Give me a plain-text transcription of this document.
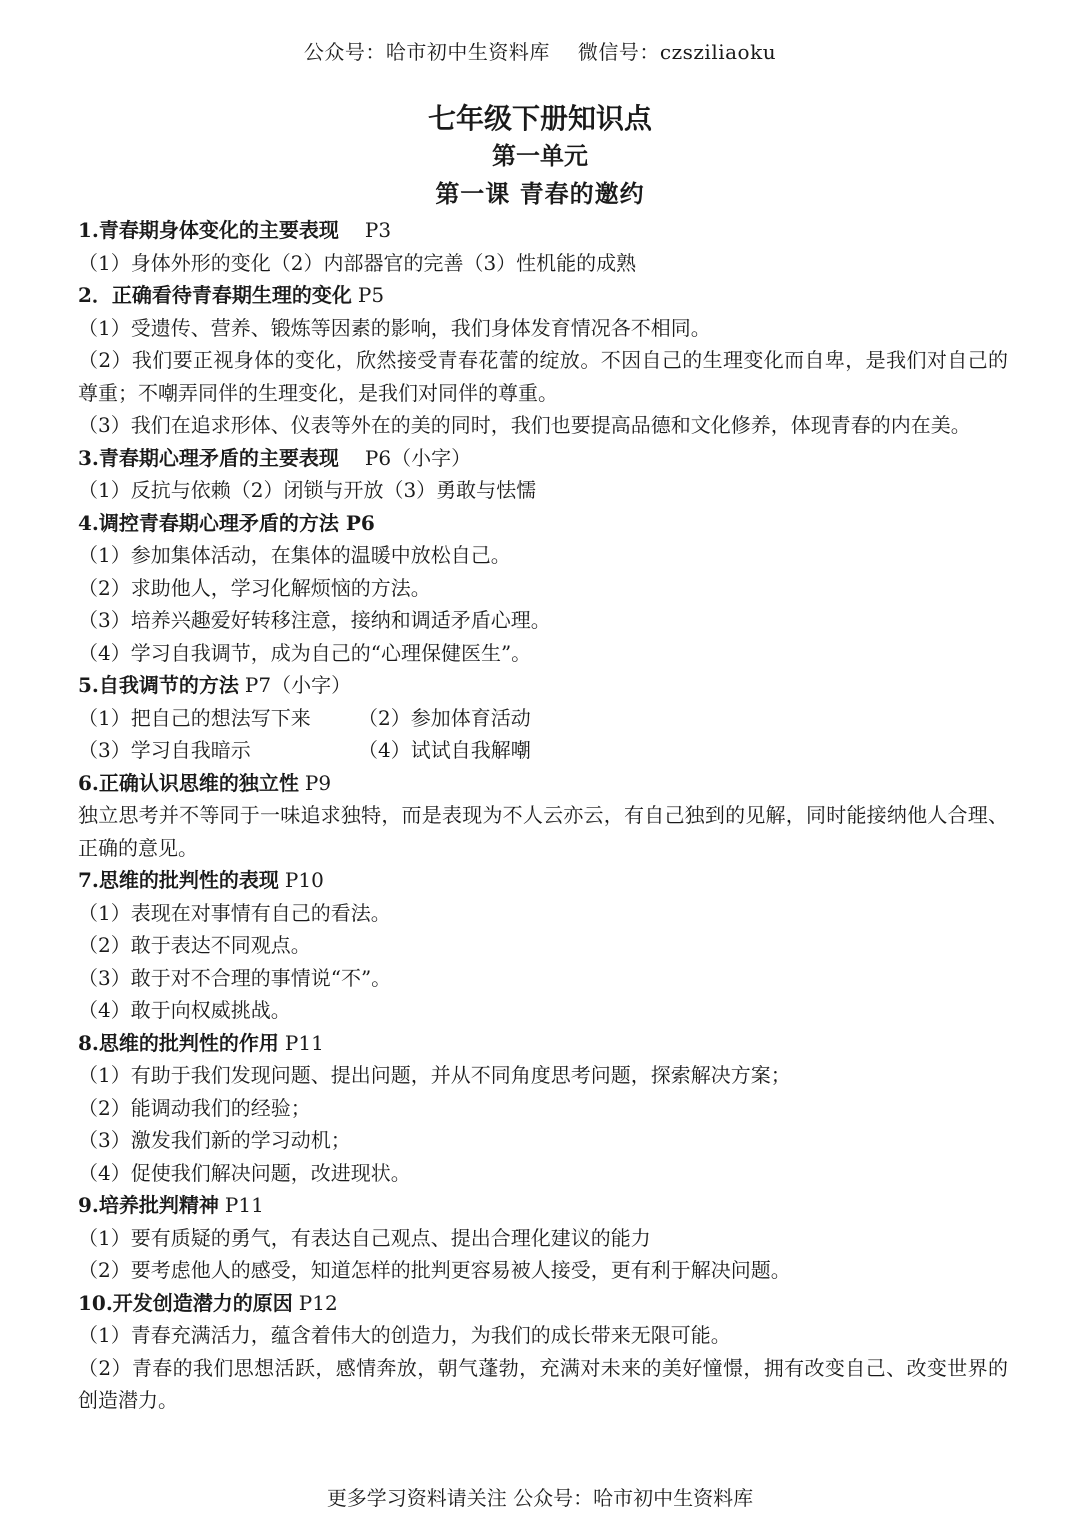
公众号：哈市初中生资料库 微信号：czsziliaoku
七年级下册知识点
第一单元
第一课 青春的邀约
1.青春期身体变化的主要表现 P3
（1）身体外形的变化（2）内部器官的完善（3）性机能的成熟
2．正确看待青春期生理的变化 P5
（1）受遗传、营养、锻炼等因素的影响，我们身体发育情况各不相同。
（2）我们要正视身体的变化，欣然接受青春花蕾的绽放。不因自己的生理变化而自卑，是我们对自己的尊重；不嘲弄同伴的生理变化，是我们对同伴的尊重。
（3）我们在追求形体、仪表等外在的美的同时，我们也要提高品德和文化修养，体现青春的内在美。
3.青春期心理矛盾的主要表现 P6（小字）
（1）反抗与依赖（2）闭锁与开放（3）勇敢与怯懦
4.调控青春期心理矛盾的方法 P6
（1）参加集体活动，在集体的温暖中放松自己。
（2）求助他人，学习化解烦恼的方法。
（3）培养兴趣爱好转移注意，接纳和调适矛盾心理。
（4）学习自我调节，成为自己的“心理保健医生”。
5.自我调节的方法 P7（小字）
（1）把自己的想法写下来	（2）参加体育活动
（3）学习自我暗示	（4）试试自我解嘲
6.正确认识思维的独立性 P9
独立思考并不等同于一味追求独特，而是表现为不人云亦云，有自己独到的见解，同时能接纳他人合理、正确的意见。
7.思维的批判性的表现 P10
（1）表现在对事情有自己的看法。
（2）敢于表达不同观点。
（3）敢于对不合理的事情说“不”。
（4）敢于向权威挑战。
8.思维的批判性的作用 P11
（1）有助于我们发现问题、提出问题，并从不同角度思考问题，探索解决方案；
（2）能调动我们的经验；
（3）激发我们新的学习动机；
（4）促使我们解决问题，改进现状。
9.培养批判精神 P11
（1）要有质疑的勇气，有表达自己观点、提出合理化建议的能力
（2）要考虑他人的感受，知道怎样的批判更容易被人接受，更有利于解决问题。
10.开发创造潜力的原因 P12
（1）青春充满活力，蕴含着伟大的创造力，为我们的成长带来无限可能。
（2）青春的我们思想活跃，感情奔放，朝气蓬勃，充满对未来的美好憧憬，拥有改变自己、改变世界的创造潜力。
更多学习资料请关注 公众号：哈市初中生资料库
